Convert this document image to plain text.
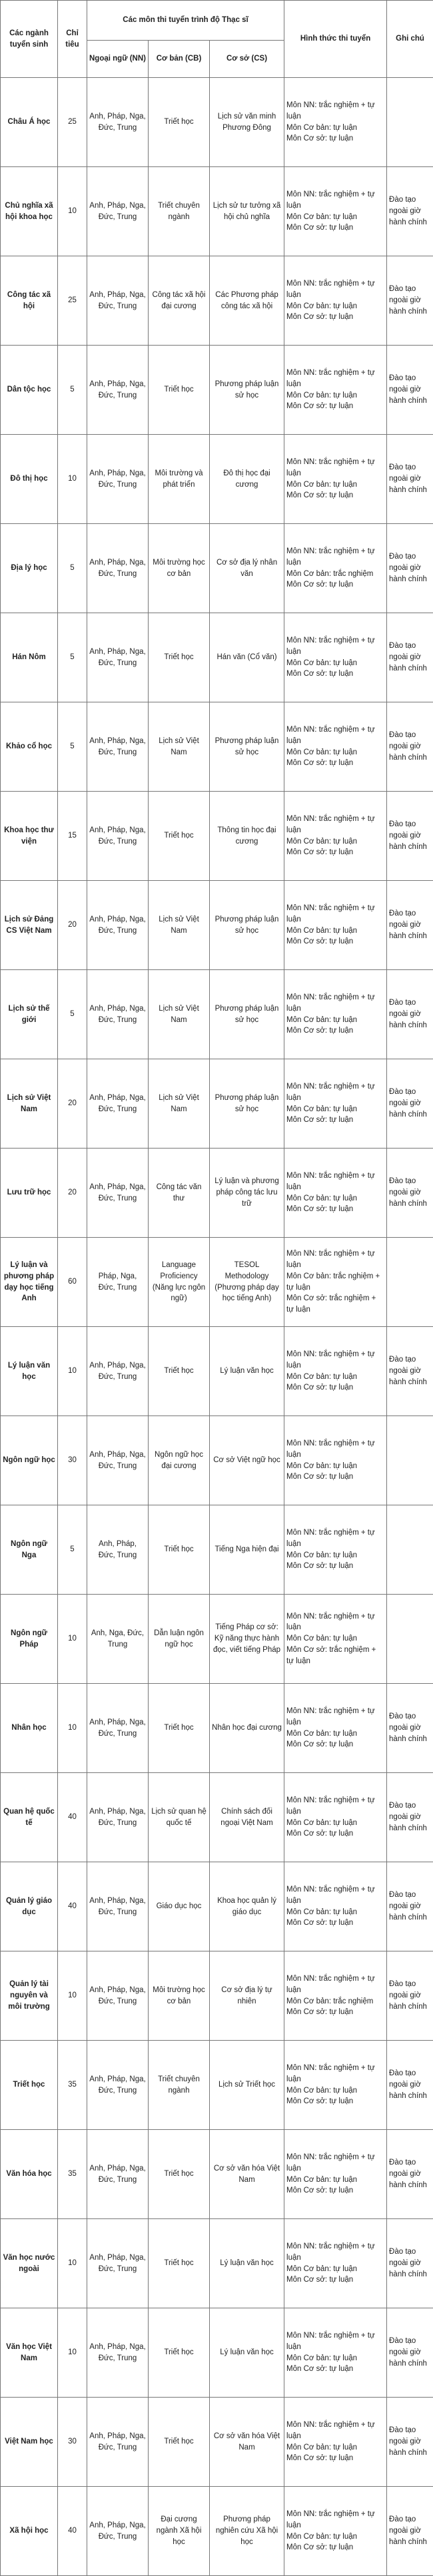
Các ngành tuyển sinh	Chỉ tiêu	Các môn thi tuyển trình độ Thạc sĩ			Hình thức thi tuyển	Ghi chú
		Ngoại ngữ (NN)	Cơ bản (CB)	Cơ sở (CS)		
Châu Á học	25	Anh, Pháp, Nga, Đức, Trung	Triết học	Lịch sử văn minh Phương Đông	Môn NN: trắc nghiệm + tự luận
Môn Cơ bản: tự luận
Môn Cơ sở: tự luận	

Chủ nghĩa xã hội khoa học	10	Anh, Pháp, Nga, Đức, Trung	Triết chuyên ngành	Lịch sử tư tưởng xã hội chủ nghĩa	Môn NN: trắc nghiệm + tự luận
Môn Cơ bản: tự luận
Môn Cơ sở: tự luận	Đào tạo ngoài giờ hành chính
Công tác xã hội	25	Anh, Pháp, Nga, Đức, Trung	Công tác xã hội đại cương	Các Phương pháp công tác xã hội	Môn NN: trắc nghiệm + tự luận
Môn Cơ bản: tự luận
Môn Cơ sở: tự luận	Đào tạo ngoài giờ hành chính
Dân tộc học	5	Anh, Pháp, Nga, Đức, Trung	Triết học	Phương pháp luận sử học	Môn NN: trắc nghiệm + tự luận
Môn Cơ bản: tự luận
Môn Cơ sở: tự luận	Đào tạo ngoài giờ hành chính
Đô thị học	10	Anh, Pháp, Nga, Đức, Trung	Môi trường và phát triển	Đô thị học đại cương	Môn NN: trắc nghiệm + tự luận
Môn Cơ bản: tự luận
Môn Cơ sở: tự luận	Đào tạo ngoài giờ hành chính
Địa lý học	5	Anh, Pháp, Nga, Đức, Trung	Môi trường học cơ bản	Cơ sở địa lý nhân văn	Môn NN: trắc nghiệm + tự luận
Môn Cơ bản: trắc nghiệm
Môn Cơ sở: tự luận	Đào tạo ngoài giờ hành chính
Hán Nôm	5	Anh, Pháp, Nga, Đức, Trung	Triết học	Hán văn (Cổ văn)	Môn NN: trắc nghiệm + tự luận
Môn Cơ bản: tự luận
Môn Cơ sở: tự luận	Đào tạo ngoài giờ hành chính
Khảo cổ học	5	Anh, Pháp, Nga, Đức, Trung	Lịch sử Việt Nam	Phương pháp luận sử học	Môn NN: trắc nghiệm + tự luận
Môn Cơ bản: tự luận
Môn Cơ sở: tự luận	Đào tạo ngoài giờ hành chính
Khoa học thư viện	15	Anh, Pháp, Nga, Đức, Trung	Triết học	Thông tin học đại cương	Môn NN: trắc nghiệm + tự luận
Môn Cơ bản: tự luận
Môn Cơ sở: tự luận	Đào tạo ngoài giờ hành chính
Lịch sử Đảng CS Việt Nam	20	Anh, Pháp, Nga, Đức, Trung	Lịch sử Việt Nam	Phương pháp luận sử học	Môn NN: trắc nghiệm + tự luận
Môn Cơ bản: tự luận
Môn Cơ sở: tự luận	Đào tạo ngoài giờ hành chính
Lịch sử thế giới	5	Anh, Pháp, Nga, Đức, Trung	Lịch sử Việt Nam	Phương pháp luận sử học	Môn NN: trắc nghiệm + tự luận
Môn Cơ bản: tự luận
Môn Cơ sở: tự luận	Đào tạo ngoài giờ hành chính
Lịch sử Việt Nam	20	Anh, Pháp, Nga, Đức, Trung	Lịch sử Việt Nam	Phương pháp luận sử học	Môn NN: trắc nghiệm + tự luận
Môn Cơ bản: tự luận
Môn Cơ sở: tự luận	Đào tạo ngoài giờ hành chính
Lưu trữ học	20	Anh, Pháp, Nga, Đức, Trung	Công tác văn thư	Lý luận và phương pháp công tác lưu trữ	Môn NN: trắc nghiệm + tự luận
Môn Cơ bản: tự luận
Môn Cơ sở: tự luận	Đào tạo ngoài giờ hành chính
Lý luận và phương pháp dạy học tiếng Anh	60	Pháp, Nga, Đức, Trung	Language Proficiency (Năng lực ngôn ngữ)	TESOL Methodology (Phương pháp dạy học tiếng Anh)	Môn NN: trắc nghiệm + tự luận
Môn Cơ bản: trắc nghiệm + tự luận
Môn Cơ sở: trắc nghiệm + tự luận	

Lý luận văn học	10	Anh, Pháp, Nga, Đức, Trung	Triết học	Lý luận văn học	Môn NN: trắc nghiệm + tự luận
Môn Cơ bản: tự luận
Môn Cơ sở: tự luận	Đào tạo ngoài giờ hành chính
Ngôn ngữ học	30	Anh, Pháp, Nga, Đức, Trung	Ngôn ngữ học đại cương	Cơ sở Việt ngữ học	Môn NN: trắc nghiệm + tự luận
Môn Cơ bản: tự luận
Môn Cơ sở: tự luận	

Ngôn ngữ Nga	5	Anh, Pháp, Đức, Trung	Triết học	Tiếng Nga hiện đại	Môn NN: trắc nghiệm + tự luận
Môn Cơ bản: tự luận
Môn Cơ sở: tự luận	

Ngôn ngữ Pháp	10	Anh, Nga, Đức, Trung	Dẫn luận ngôn ngữ học	Tiếng Pháp cơ sở: Kỹ năng thực hành đọc, viết tiếng Pháp	Môn NN: trắc nghiệm + tự luận
Môn Cơ bản: tự luận
Môn Cơ sở: trắc nghiệm + tự luận	

Nhân học	10	Anh, Pháp, Nga, Đức, Trung	Triết học	Nhân học đại cương	Môn NN: trắc nghiệm + tự luận
Môn Cơ bản: tự luận
Môn Cơ sở: tự luận	Đào tạo ngoài giờ hành chính
Quan hệ quốc tế	40	Anh, Pháp, Nga, Đức, Trung	Lịch sử quan hệ quốc tế	Chính sách đối ngoại Việt Nam	Môn NN: trắc nghiệm + tự luận
Môn Cơ bản: tự luận
Môn Cơ sở: tự luận	Đào tạo ngoài giờ hành chính
Quản lý giáo dục	40	Anh, Pháp, Nga, Đức, Trung	Giáo dục học	Khoa học quản lý giáo dục	Môn NN: trắc nghiệm + tự luận
Môn Cơ bản: tự luận
Môn Cơ sở: tự luận	Đào tạo ngoài giờ hành chính
Quản lý tài nguyên và môi trường	10	Anh, Pháp, Nga, Đức, Trung	Môi trường học cơ bản	Cơ sở địa lý tự nhiên	Môn NN: trắc nghiệm + tự luận
Môn Cơ bản: trắc nghiệm
Môn Cơ sở: tự luận	Đào tạo ngoài giờ hành chính
Triết học	35	Anh, Pháp, Nga, Đức, Trung	Triết chuyên ngành	Lịch sử Triết học	Môn NN: trắc nghiệm + tự luận
Môn Cơ bản: tự luận
Môn Cơ sở: tự luận	Đào tạo ngoài giờ hành chính
Văn hóa học	35	Anh, Pháp, Nga, Đức, Trung	Triết học	Cơ sở văn hóa Việt Nam	Môn NN: trắc nghiệm + tự luận
Môn Cơ bản: tự luận
Môn Cơ sở: tự luận	Đào tạo ngoài giờ hành chính
Văn học nước ngoài	10	Anh, Pháp, Nga, Đức, Trung	Triết học	Lý luận văn học	Môn NN: trắc nghiệm + tự luận
Môn Cơ bản: tự luận
Môn Cơ sở: tự luận	Đào tạo ngoài giờ hành chính
Văn học Việt Nam	10	Anh, Pháp, Nga, Đức, Trung	Triết học	Lý luận văn học	Môn NN: trắc nghiệm + tự luận
Môn Cơ bản: tự luận
Môn Cơ sở: tự luận	Đào tạo ngoài giờ hành chính
Việt Nam học	30	Anh, Pháp, Nga, Đức, Trung	Triết học	Cơ sở văn hóa Việt Nam	Môn NN: trắc nghiệm + tự luận
Môn Cơ bản: tự luận
Môn Cơ sở: tự luận	Đào tạo ngoài giờ hành chính
Xã hội học	40	Anh, Pháp, Nga, Đức, Trung	Đại cương ngành Xã hội học	Phương pháp nghiên cứu Xã hội học	Môn NN: trắc nghiệm + tự luận
Môn Cơ bản: tự luận
Môn Cơ sở: tự luận	Đào tạo ngoài giờ hành chính
